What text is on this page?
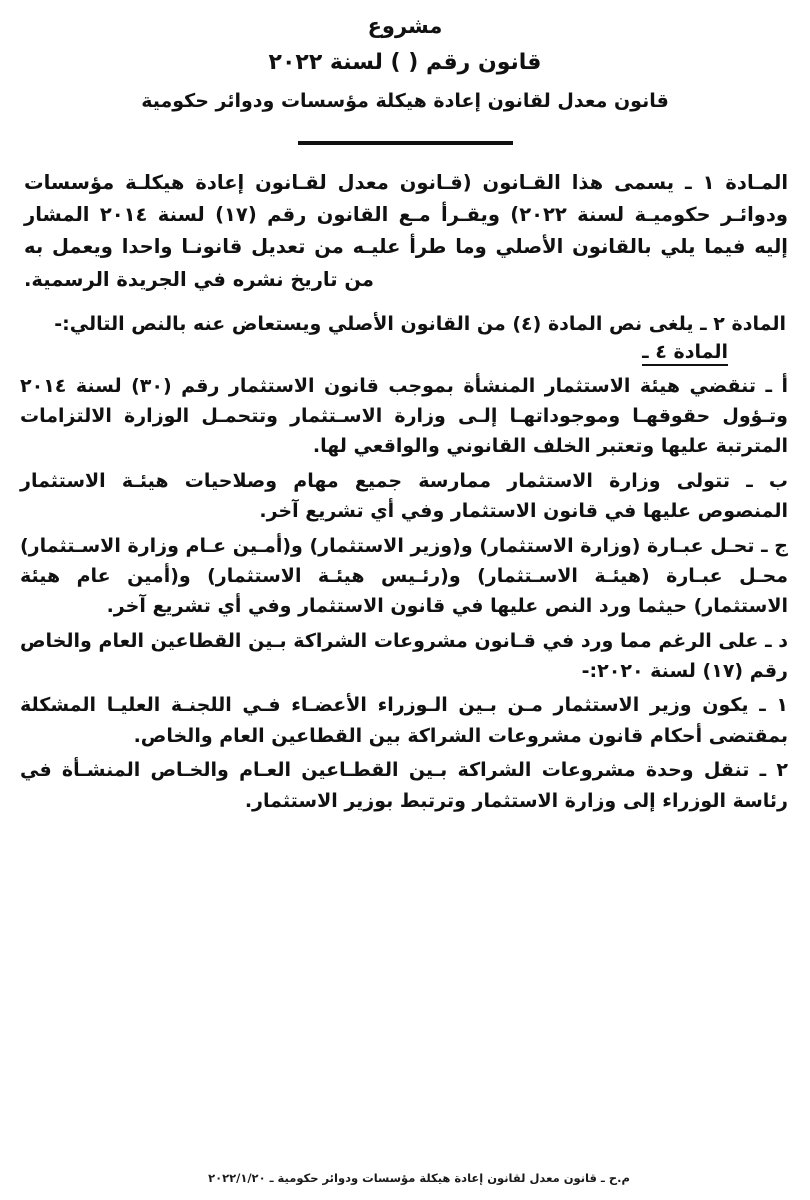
مشروع
قانون رقم ( ) لسنة ٢٠٢٢
قانون معدل لقانون إعادة هيكلة مؤسسات ودوائر حكومية

المـادة ١ ـ يسمى هذا القـانون (قـانون معدل لقـانون إعادة هيكلـة مؤسسات ودوائـر حكوميـة لسنة ٢٠٢٢) ويقـرأ مـع القانون رقم (١٧) لسنة ٢٠١٤ المشار إليه فيما يلي بالقانون الأصلي وما طرأ عليـه من تعديل قانونـا واحدا ويعمل به من تاريخ نشره في الجريدة الرسمية.

المادة ٢ ـ يلغى نص المادة (٤) من القانون الأصلي ويستعاض عنه بالنص التالي:-

المادة ٤ ـ

أ ـ تنقضي هيئة الاستثمار المنشأة بموجب قانون الاستثمار رقم (٣٠) لسنة ٢٠١٤ وتـؤول حقوقهـا وموجوداتهـا إلـى وزارة الاسـتثمار وتتحمـل الوزارة الالتزامات المترتبة عليها وتعتبر الخلف القانوني والواقعي لها.

ب ـ تتولى وزارة الاستثمار ممارسة جميع مهام وصلاحيات هيئـة الاستثمار المنصوص عليها في قانون الاستثمار وفي أي تشريع آخر.

ج ـ تحـل عبـارة (وزارة الاستثمار) و(وزير الاستثمار) و(أمـين عـام وزارة الاسـتثمار) محـل عبـارة (هيئـة الاسـتثمار) و(رئـيس هيئـة الاستثمار) و(أمين عام هيئة الاستثمار) حيثما ورد النص عليها في قانون الاستثمار وفي أي تشريع آخر.

د ـ على الرغم مما ورد في قـانون مشروعات الشراكة بـين القطاعين العام والخاص رقم (١٧) لسنة ٢٠٢٠:-

١ ـ يكون وزير الاستثمار مـن بـين الـوزراء الأعضـاء فـي اللجنـة العليـا المشكلة بمقتضى أحكام قانون مشروعات الشراكة بين القطاعين العام والخاص.

٢ ـ تنقل وحدة مشروعات الشراكة بـين القطـاعين العـام والخـاص المنشـأة في رئاسة الوزراء إلى وزارة الاستثمار وترتبط بوزير الاستثمار.

م.ح ـ قانون معدل لقانون إعادة هيكلة مؤسسات ودوائر حكومية ـ ٢٠٢٢/١/٢٠
